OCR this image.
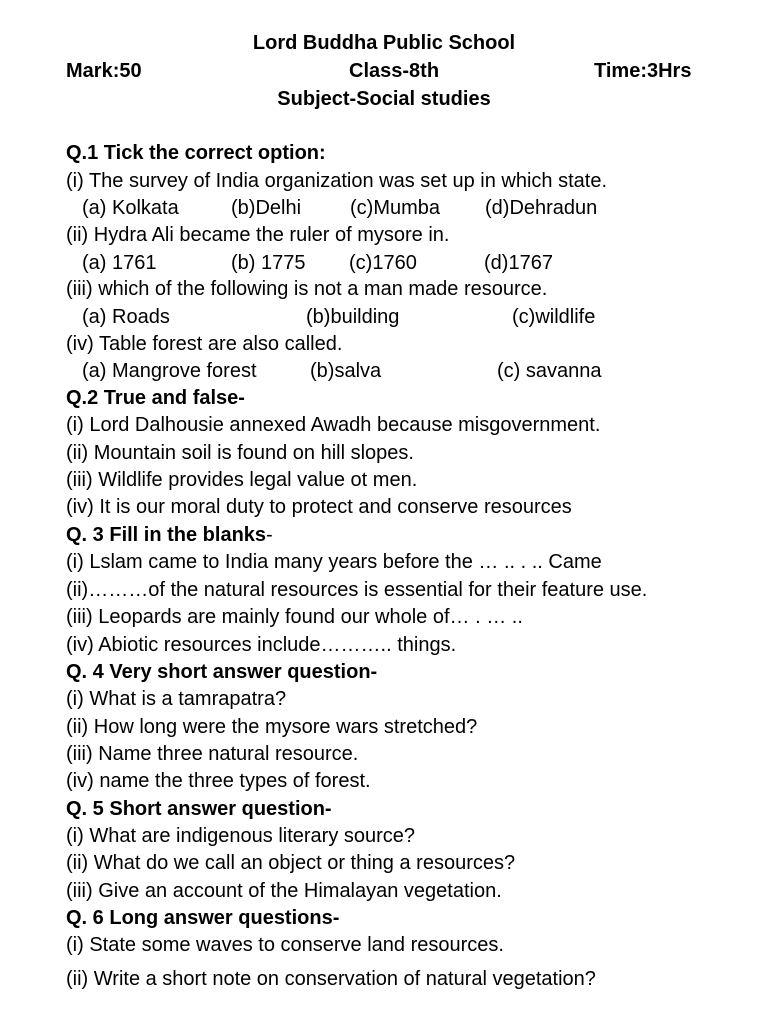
Lord Buddha Public School
Mark:50	Class-8th	Time:3Hrs
Subject-Social studies
Q.1 Tick the correct option:
(i) The survey of India organization was set up in which state.
(a) Kolkata	(b)Delhi (c)Mumba (d)Dehradun
(ii) Hydra Ali became the ruler of mysore in.
(a) 1761	(b) 1775 (c)1760	(d)1767
(iii) which of the following is not a man made resource.
(a) Roads	(b)building	(c)wildlife
(iv) Table forest are also called.
(a) Mangrove forest	(b)salva	(c) savanna
Q.2 True and false-
(i) Lord Dalhousie annexed Awadh because misgovernment.
(ii) Mountain soil is found on hill slopes.
(iii) Wildlife provides legal value ot men.
(iv) It is our moral duty to protect and conserve resources
Q. 3 Fill in the blanks-
(i) Lslam came to India many years before the … .. . .. Came
(ii)………of the natural resources is essential for their feature use.
(iii) Leopards are mainly found our whole of… . … ..
(iv) Abiotic resources include……….. things.
Q. 4 Very short answer question-
(i) What is a tamrapatra?
(ii) How long were the mysore wars stretched?
(iii) Name three natural resource.
(iv) name the three types of forest.
Q. 5 Short answer question-
(i) What are indigenous literary source?
(ii) What do we call an object or thing a resources?
(iii) Give an account of the Himalayan vegetation.
Q. 6 Long answer questions-
(i) State some waves to conserve land resources.
(ii) Write a short note on conservation of natural vegetation?
